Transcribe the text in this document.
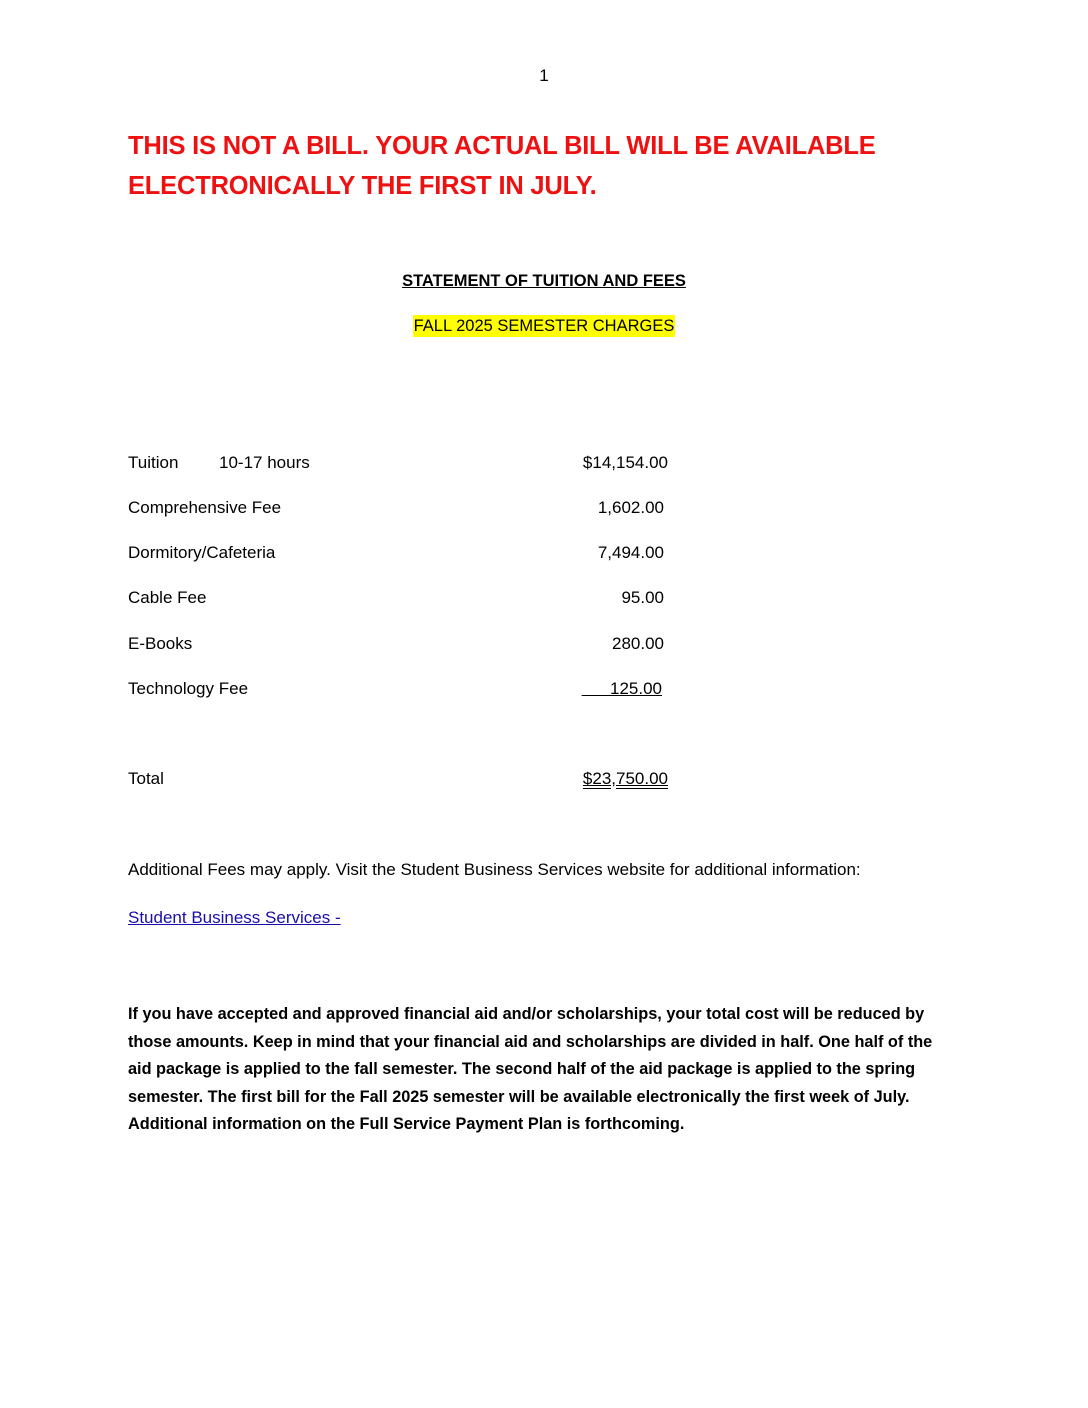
1
THIS IS NOT A BILL. YOUR ACTUAL BILL WILL BE AVAILABLE
ELECTRONICALLY THE FIRST IN JULY.
STATEMENT OF TUITION AND FEES
FALL 2025 SEMESTER CHARGES
Tuition 10-17 hours	$14,154.00
Comprehensive Fee	1,602.00
Dormitory/Cafeteria	7,494.00
Cable Fee	95.00
E-Books	280.00
Technology Fee	125.00
Total	$23,750.00
Additional Fees may apply. Visit the Student Business Services website for additional information:
Student Business Services -
If you have accepted and approved financial aid and/or scholarships, your total cost will be reduced by those amounts. Keep in mind that your financial aid and scholarships are divided in half. One half of the aid package is applied to the fall semester. The second half of the aid package is applied to the spring semester. The first bill for the Fall 2025 semester will be available electronically the first week of July. Additional information on the Full Service Payment Plan is forthcoming.
